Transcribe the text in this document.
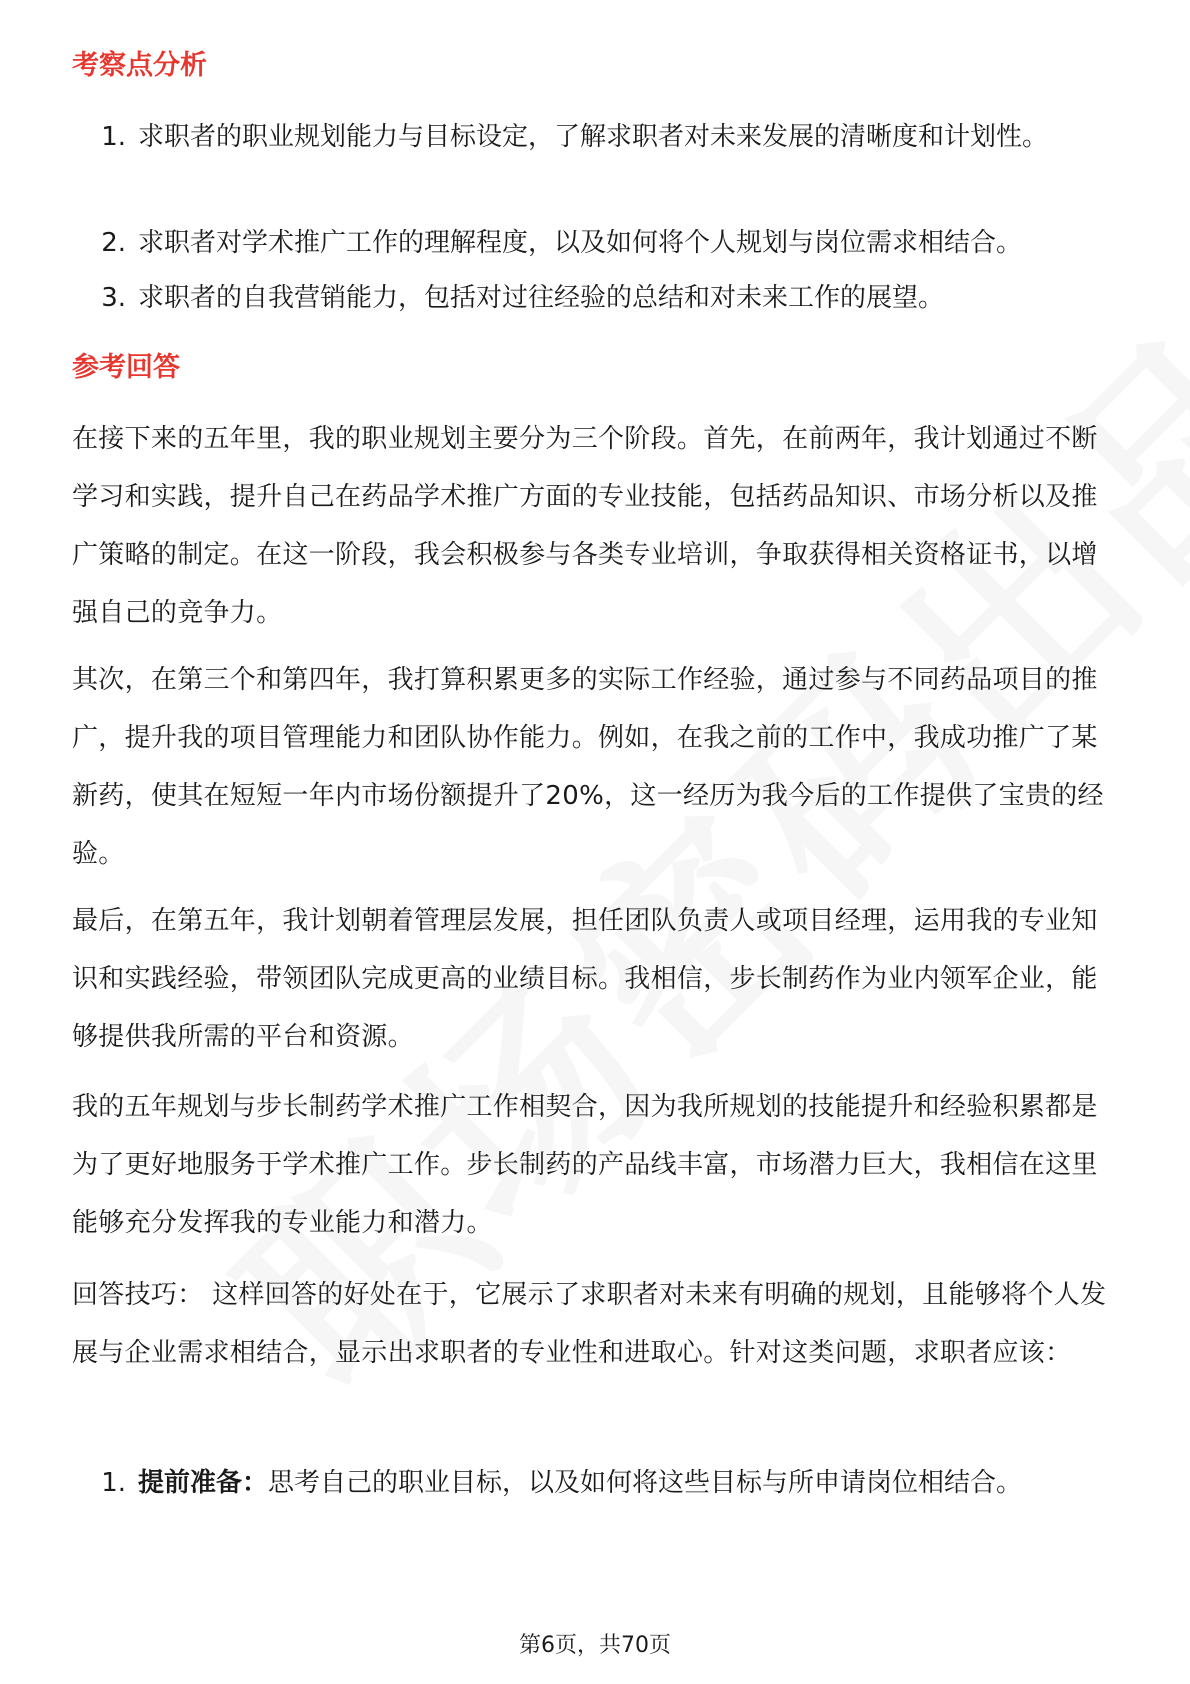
考察点分析
1. 求职者的职业规划能力与目标设定，了解求职者对未来发展的清晰度和计划性。
2. 求职者对学术推广工作的理解程度，以及如何将个人规划与岗位需求相结合。
3. 求职者的自我营销能力，包括对过往经验的总结和对未来工作的展望。
参考回答

在接下来的五年里，我的职业规划主要分为三个阶段。首先，在前两年，我计划通过不断学习和实践，提升自己在药品学术推广方面的专业技能，包括药品知识、市场分析以及推广策略的制定。在这一阶段，我会积极参与各类专业培训，争取获得相关资格证书，以增强自己的竞争力。

其次，在第三个和第四年，我打算积累更多的实际工作经验，通过参与不同药品项目的推广，提升我的项目管理能力和团队协作能力。例如，在我之前的工作中，我成功推广了某新药，使其在短短一年内市场份额提升了20%，这一经历为我今后的工作提供了宝贵的经验。

最后，在第五年，我计划朝着管理层发展，担任团队负责人或项目经理，运用我的专业知识和实践经验，带领团队完成更高的业绩目标。我相信，步长制药作为业内领军企业，能够提供我所需的平台和资源。

我的五年规划与步长制药学术推广工作相契合，因为我所规划的技能提升和经验积累都是为了更好地服务于学术推广工作。步长制药的产品线丰富，市场潜力巨大，我相信在这里能够充分发挥我的专业能力和潜力。

回答技巧： 这样回答的好处在于，它展示了求职者对未来有明确的规划，且能够将个人发展与企业需求相结合，显示出求职者的专业性和进取心。针对这类问题，求职者应该：

1. 提前准备：思考自己的职业目标，以及如何将这些目标与所申请岗位相结合。
第6页，共70页
